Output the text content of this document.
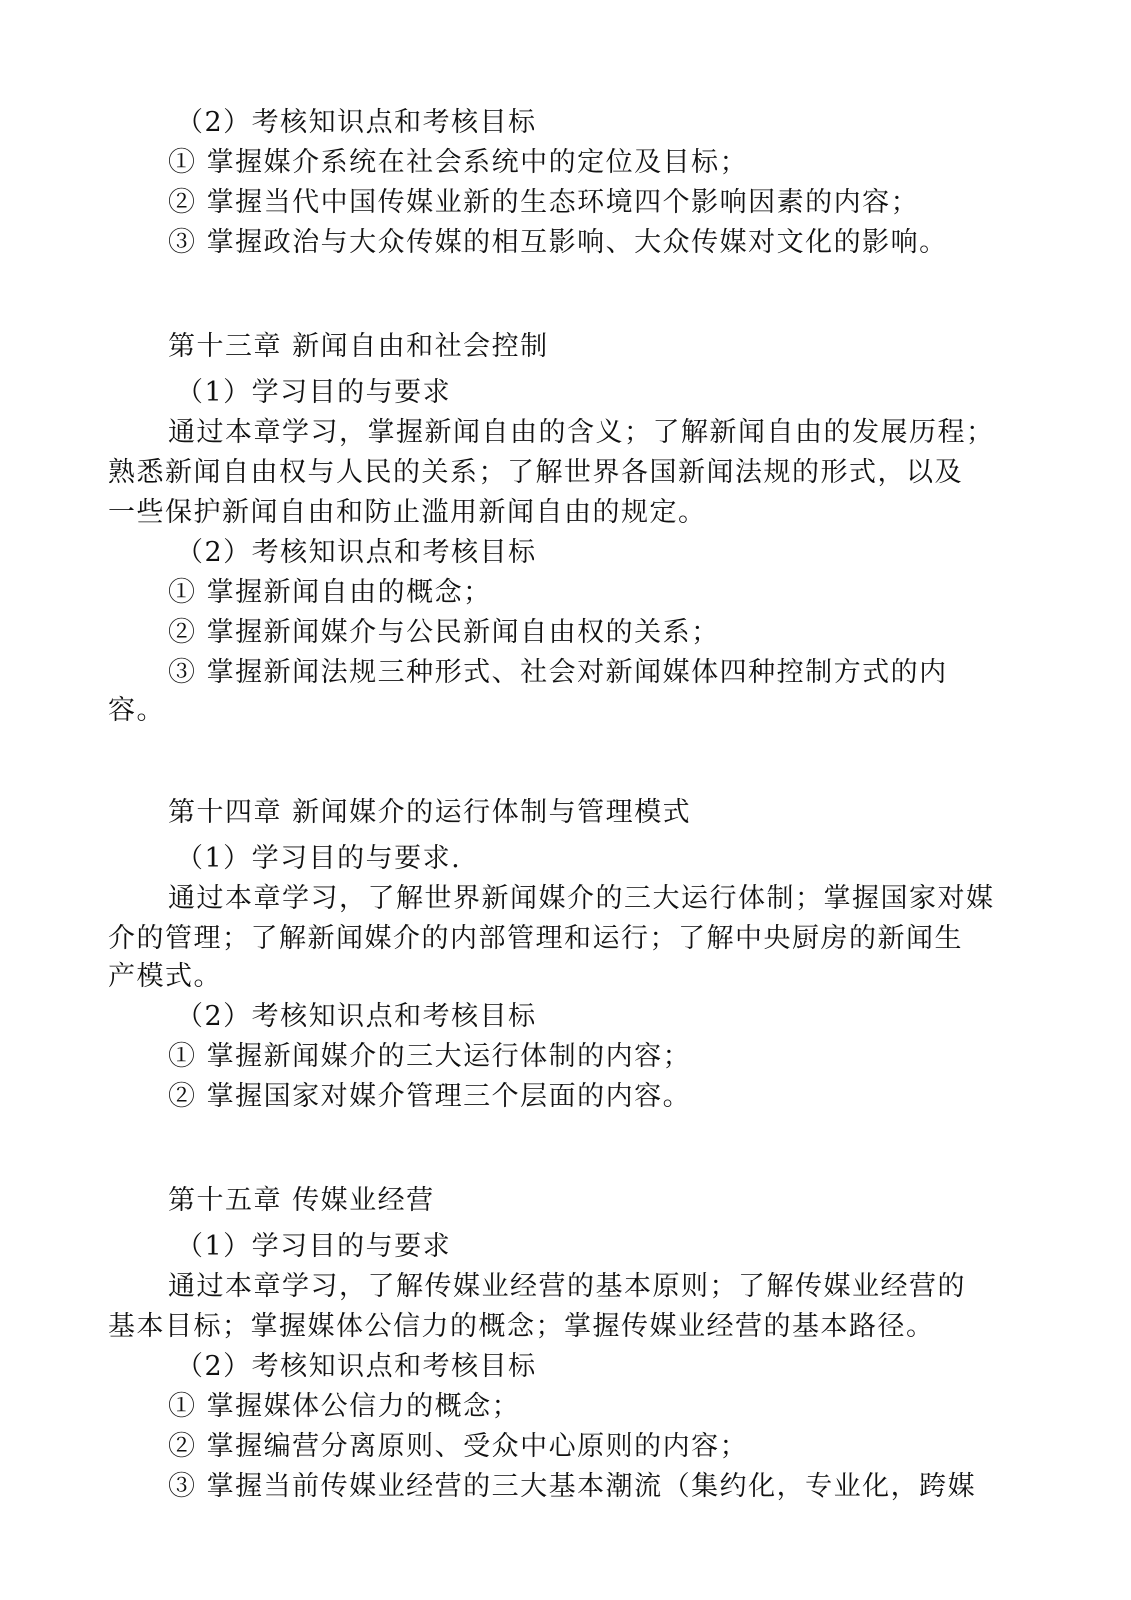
（2）考核知识点和考核目标
① 掌握媒介系统在社会系统中的定位及目标；
② 掌握当代中国传媒业新的生态环境四个影响因素的内容；
③ 掌握政治与大众传媒的相互影响、大众传媒对文化的影响。
第十三章 新闻自由和社会控制
（1）学习目的与要求
通过本章学习，掌握新闻自由的含义；了解新闻自由的发展历程；
熟悉新闻自由权与人民的关系；了解世界各国新闻法规的形式，以及
一些保护新闻自由和防止滥用新闻自由的规定。
（2）考核知识点和考核目标
① 掌握新闻自由的概念；
② 掌握新闻媒介与公民新闻自由权的关系；
③ 掌握新闻法规三种形式、社会对新闻媒体四种控制方式的内
容。
第十四章 新闻媒介的运行体制与管理模式
（1）学习目的与要求.
通过本章学习，了解世界新闻媒介的三大运行体制；掌握国家对媒
介的管理；了解新闻媒介的内部管理和运行；了解中央厨房的新闻生
产模式。
（2）考核知识点和考核目标
① 掌握新闻媒介的三大运行体制的内容；
② 掌握国家对媒介管理三个层面的内容。
第十五章 传媒业经营
（1）学习目的与要求
通过本章学习，了解传媒业经营的基本原则；了解传媒业经营的
基本目标；掌握媒体公信力的概念；掌握传媒业经营的基本路径。
（2）考核知识点和考核目标
① 掌握媒体公信力的概念；
② 掌握编营分离原则、受众中心原则的内容；
③ 掌握当前传媒业经营的三大基本潮流（集约化，专业化，跨媒
